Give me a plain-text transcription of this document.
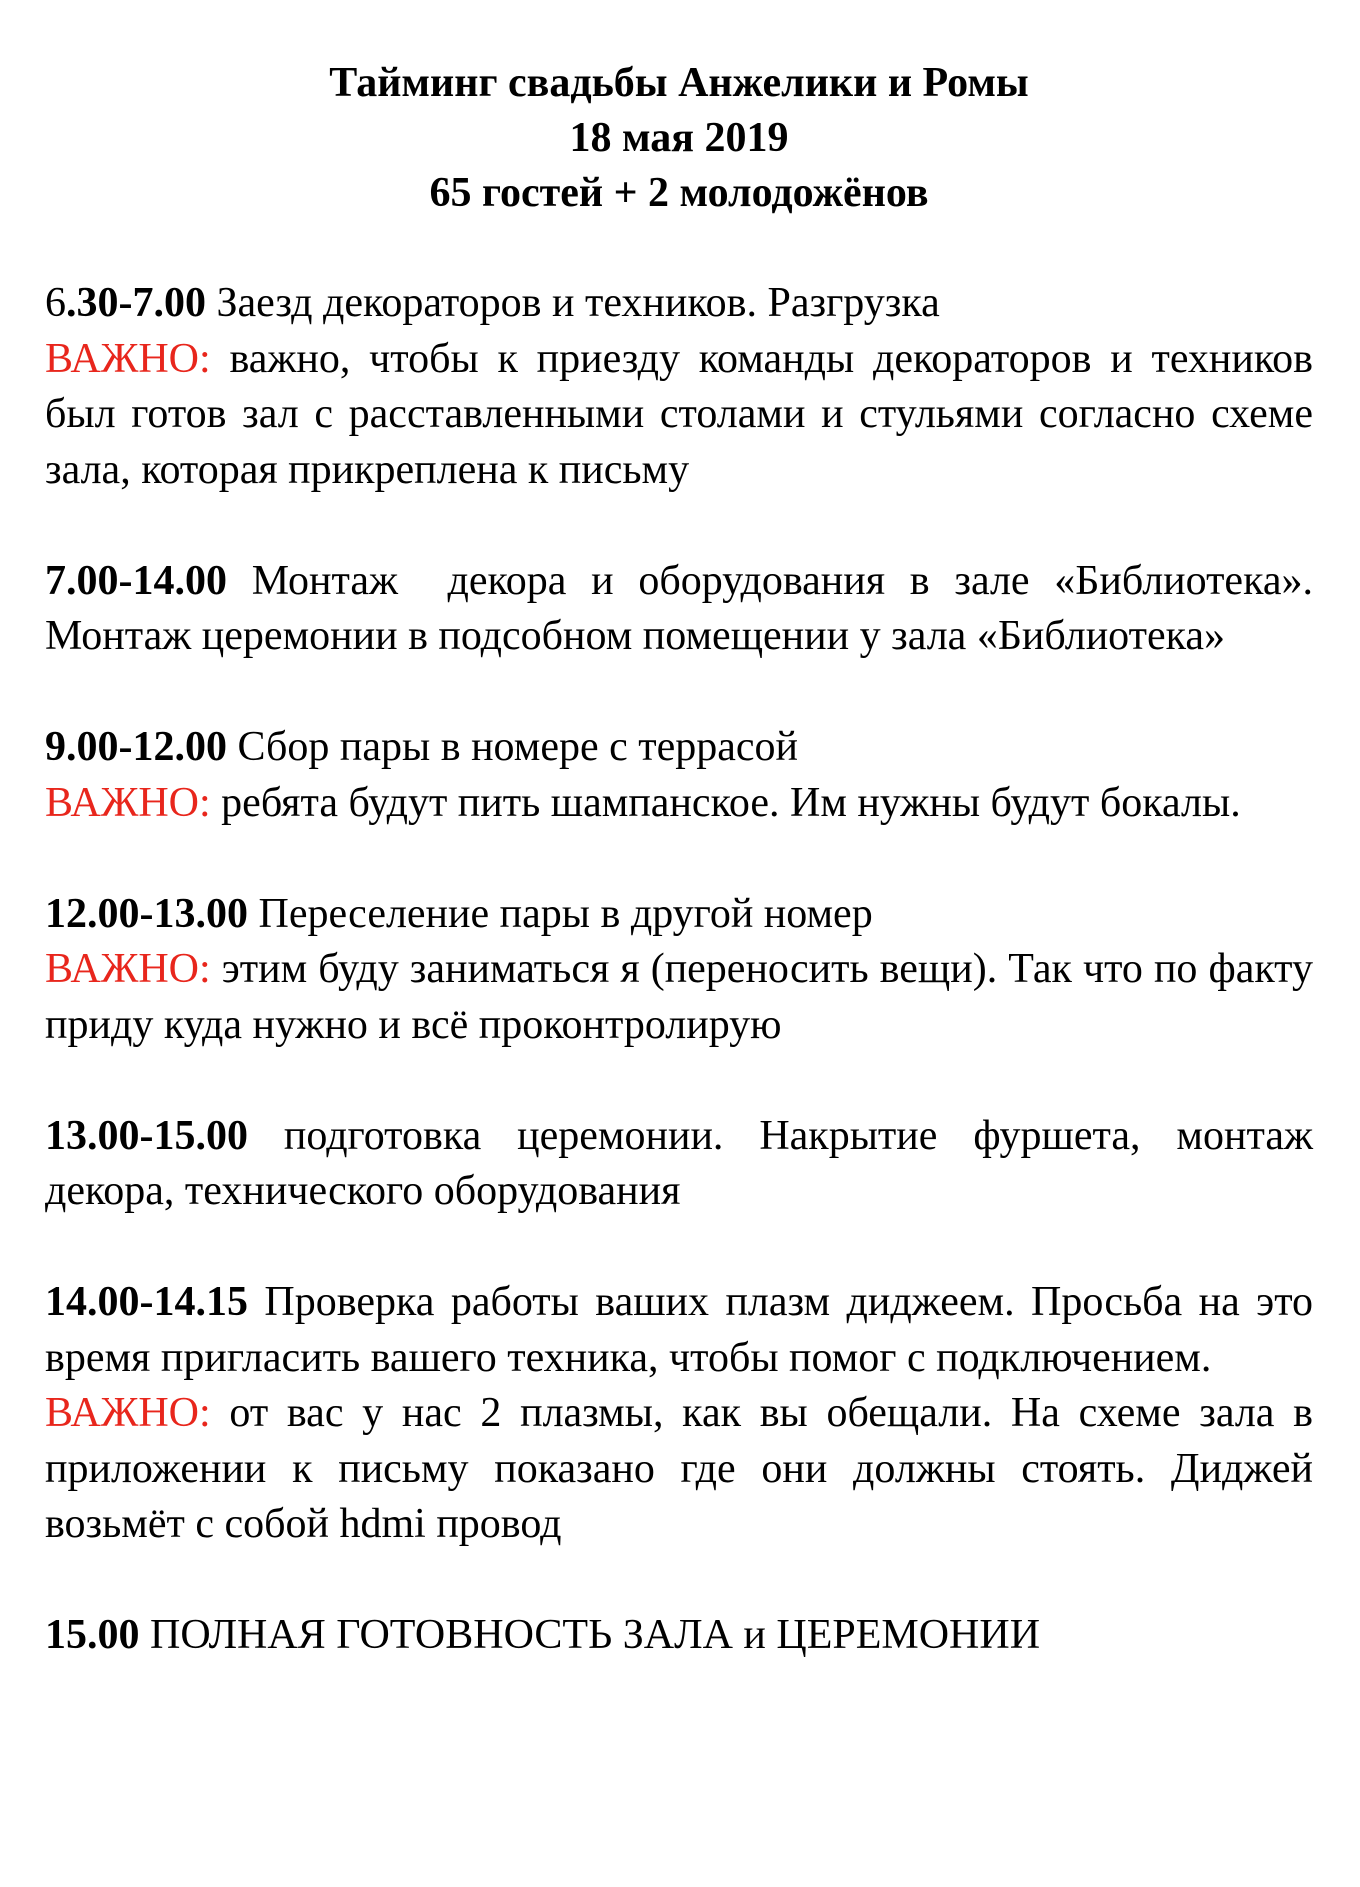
Тайминг свадьбы Анжелики и Ромы
18 мая 2019
65 гостей + 2 молодожёнов
6.30-7.00 Заезд декораторов и техников. Разгрузка
ВАЖНО: важно, чтобы к приезду команды декораторов и техников был готов зал с расставленными столами и стульями согласно схеме зала, которая прикреплена к письму
7.00-14.00 Монтаж  декора и оборудования в зале «Библиотека». Монтаж церемонии в подсобном помещении у зала «Библиотека»
9.00-12.00 Сбор пары в номере с террасой
ВАЖНО: ребята будут пить шампанское. Им нужны будут бокалы.
12.00-13.00 Переселение пары в другой номер
ВАЖНО: этим буду заниматься я (переносить вещи). Так что по факту приду куда нужно и всё проконтролирую
13.00-15.00 подготовка церемонии. Накрытие фуршета, монтаж декора, технического оборудования
14.00-14.15 Проверка работы ваших плазм диджеем. Просьба на это время пригласить вашего техника, чтобы помог с подключением.
ВАЖНО: от вас у нас 2 плазмы, как вы обещали. На схеме зала в приложении к письму показано где они должны стоять. Диджей возьмёт с собой hdmi провод
15.00 ПОЛНАЯ ГОТОВНОСТЬ ЗАЛА и ЦЕРЕМОНИИ
